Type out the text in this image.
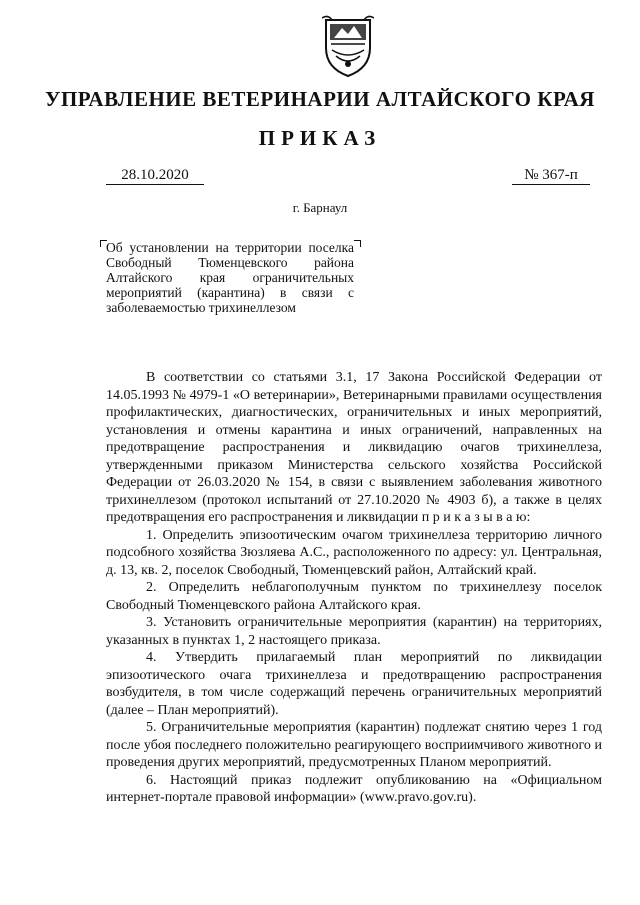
УПРАВЛЕНИЕ ВЕТЕРИНАРИИ АЛТАЙСКОГО КРАЯ
ПРИКАЗ
28.10.2020	№ 367-п
г. Барнаул
Об установлении на территории поселка Свободный Тюменцевского района Алтайского края ограничительных мероприятий (карантина) в связи с заболеваемостью трихинеллезом

В соответствии со статьями 3.1, 17 Закона Российской Федерации от 14.05.1993 № 4979-1 «О ветеринарии», Ветеринарными правилами осуществления профилактических, диагностических, ограничительных и иных мероприятий, установления и отмены карантина и иных ограничений, направленных на предотвращение распространения и ликвидацию очагов трихинеллеза, утвержденными приказом Министерства сельского хозяйства Российской Федерации от 26.03.2020 № 154, в связи с выявлением заболевания животного трихинеллезом (протокол испытаний от 27.10.2020 № 4903 б), а также в целях предотвращения его распространения и ликвидации п р и к а з ы в а ю:

1. Определить эпизоотическим очагом трихинеллеза территорию личного подсобного хозяйства Зюзляева А.С., расположенного по адресу: ул. Центральная, д. 13, кв. 2, поселок Свободный, Тюменцевский район, Алтайский край.

2. Определить неблагополучным пунктом по трихинеллезу поселок Свободный Тюменцевского района Алтайского края.

3. Установить ограничительные мероприятия (карантин) на территориях, указанных в пунктах 1, 2 настоящего приказа.

4. Утвердить прилагаемый план мероприятий по ликвидации эпизоотического очага трихинеллеза и предотвращению распространения возбудителя, в том числе содержащий перечень ограничительных мероприятий (далее – План мероприятий).

5. Ограничительные мероприятия (карантин) подлежат снятию через 1 год после убоя последнего положительно реагирующего восприимчивого животного и проведения других мероприятий, предусмотренных Планом мероприятий.

6. Настоящий приказ подлежит опубликованию на «Официальном интернет-портале правовой информации» (www.pravo.gov.ru).
